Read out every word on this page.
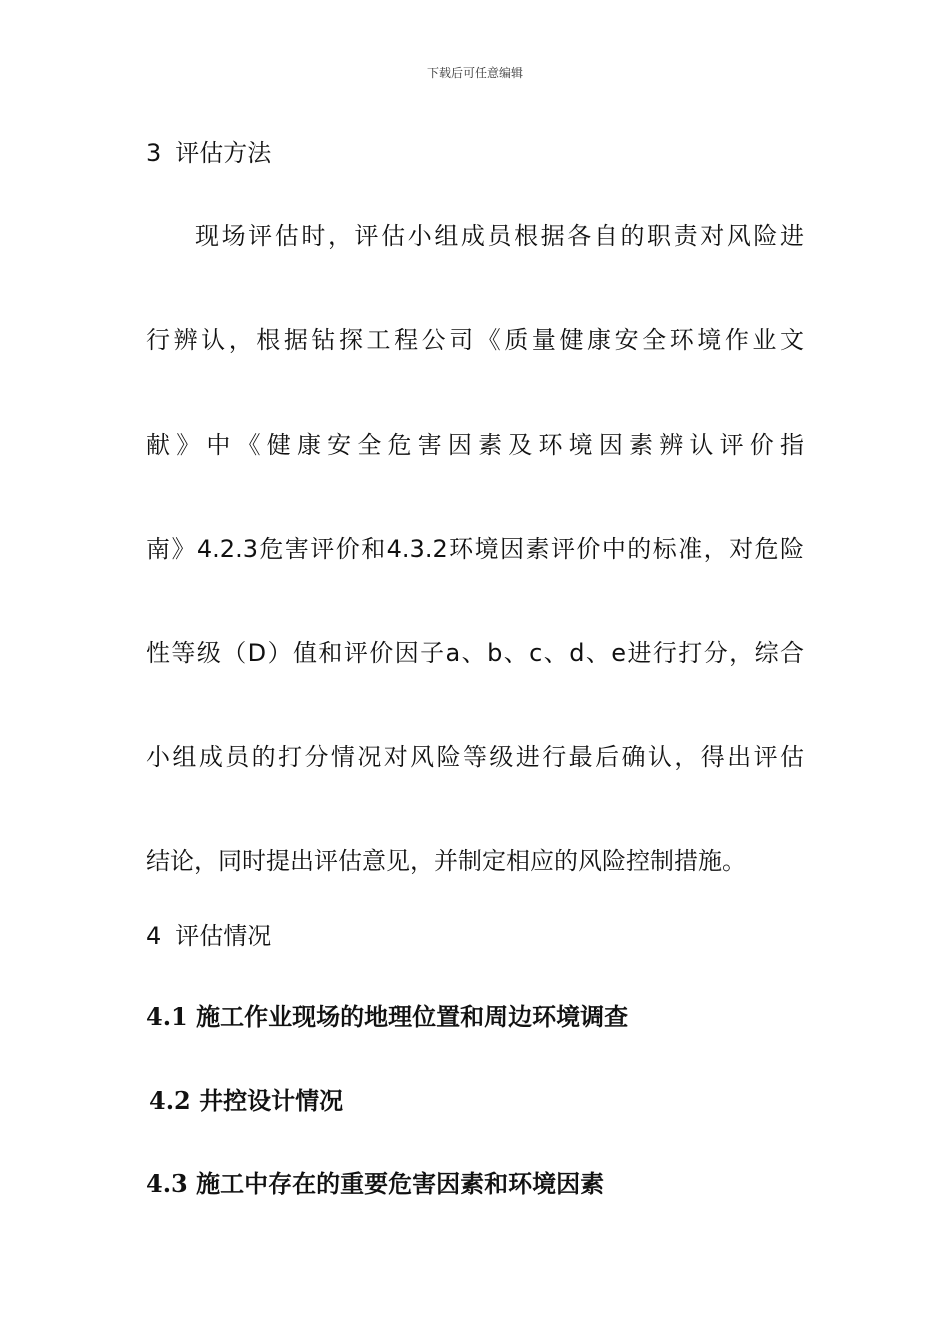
下载后可任意编辑
3 评估方法
现场评估时，评估小组成员根据各自的职责对风险进
行辨认，根据钻探工程公司《质量健康安全环境作业文
献》中《健康安全危害因素及环境因素辨认评价指
南》4.2.3危害评价和4.3.2环境因素评价中的标准，对危险
性等级（D）值和评价因子a、b、c、d、e进行打分，综合
小组成员的打分情况对风险等级进行最后确认，得出评估
结论，同时提出评估意见，并制定相应的风险控制措施。
4 评估情况
4.1 施工作业现场的地理位置和周边环境调查
4.2 井控设计情况
4.3 施工中存在的重要危害因素和环境因素
